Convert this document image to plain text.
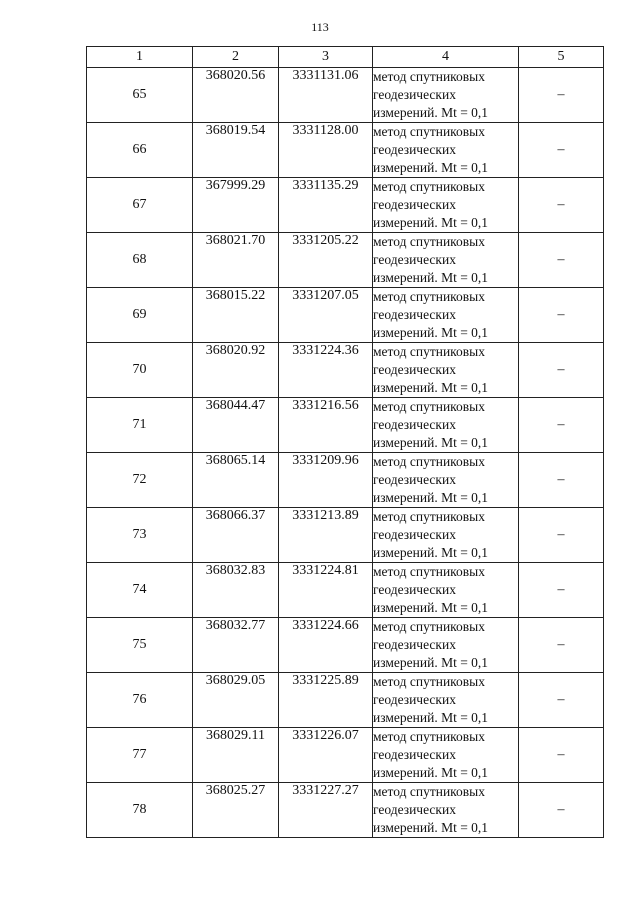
113
1	2	3	4	5
65	368020.56	3331131.06	метод спутниковых
геодезических
измерений. Mt = 0,1	–
66	368019.54	3331128.00	метод спутниковых
геодезических
измерений. Mt = 0,1	–
67	367999.29	3331135.29	метод спутниковых
геодезических
измерений. Mt = 0,1	–
68	368021.70	3331205.22	метод спутниковых
геодезических
измерений. Mt = 0,1	–
69	368015.22	3331207.05	метод спутниковых
геодезических
измерений. Mt = 0,1	–
70	368020.92	3331224.36	метод спутниковых
геодезических
измерений. Mt = 0,1	–
71	368044.47	3331216.56	метод спутниковых
геодезических
измерений. Mt = 0,1	–
72	368065.14	3331209.96	метод спутниковых
геодезических
измерений. Mt = 0,1	–
73	368066.37	3331213.89	метод спутниковых
геодезических
измерений. Mt = 0,1	–
74	368032.83	3331224.81	метод спутниковых
геодезических
измерений. Mt = 0,1	–
75	368032.77	3331224.66	метод спутниковых
геодезических
измерений. Mt = 0,1	–
76	368029.05	3331225.89	метод спутниковых
геодезических
измерений. Mt = 0,1	–
77	368029.11	3331226.07	метод спутниковых
геодезических
измерений. Mt = 0,1	–
78	368025.27	3331227.27	метод спутниковых
геодезических
измерений. Mt = 0,1	–
